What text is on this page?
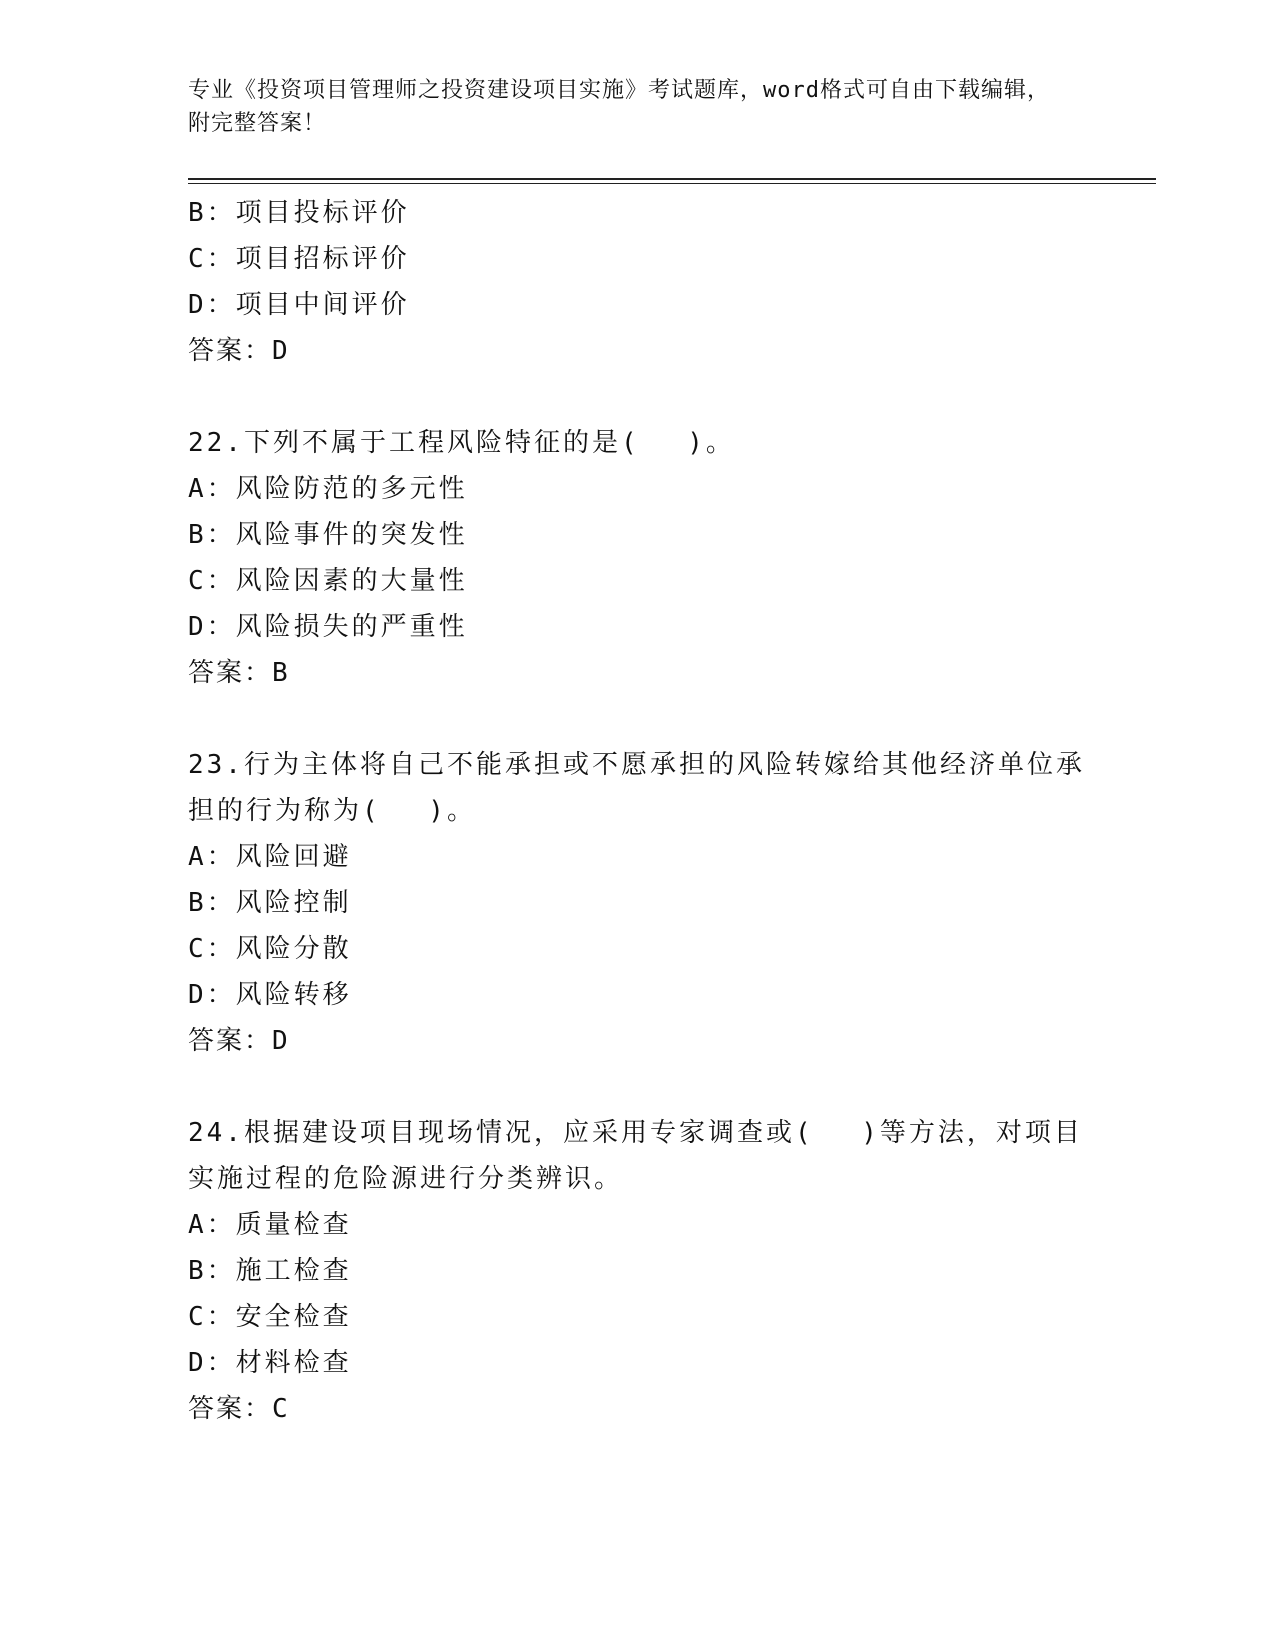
专业《投资项目管理师之投资建设项目实施》考试题库，word格式可自由下载编辑，附完整答案！
B：项目投标评价
C：项目招标评价
D：项目中间评价
答案：D
22.下列不属于工程风险特征的是(　 )。
A：风险防范的多元性
B：风险事件的突发性
C：风险因素的大量性
D：风险损失的严重性
答案：B
23.行为主体将自己不能承担或不愿承担的风险转嫁给其他经济单位承
担的行为称为(　 )。
A：风险回避
B：风险控制
C：风险分散
D：风险转移
答案：D
24.根据建设项目现场情况，应采用专家调查或(　 )等方法，对项目
实施过程的危险源进行分类辨识。
A：质量检查
B：施工检查
C：安全检查
D：材料检查
答案：C
